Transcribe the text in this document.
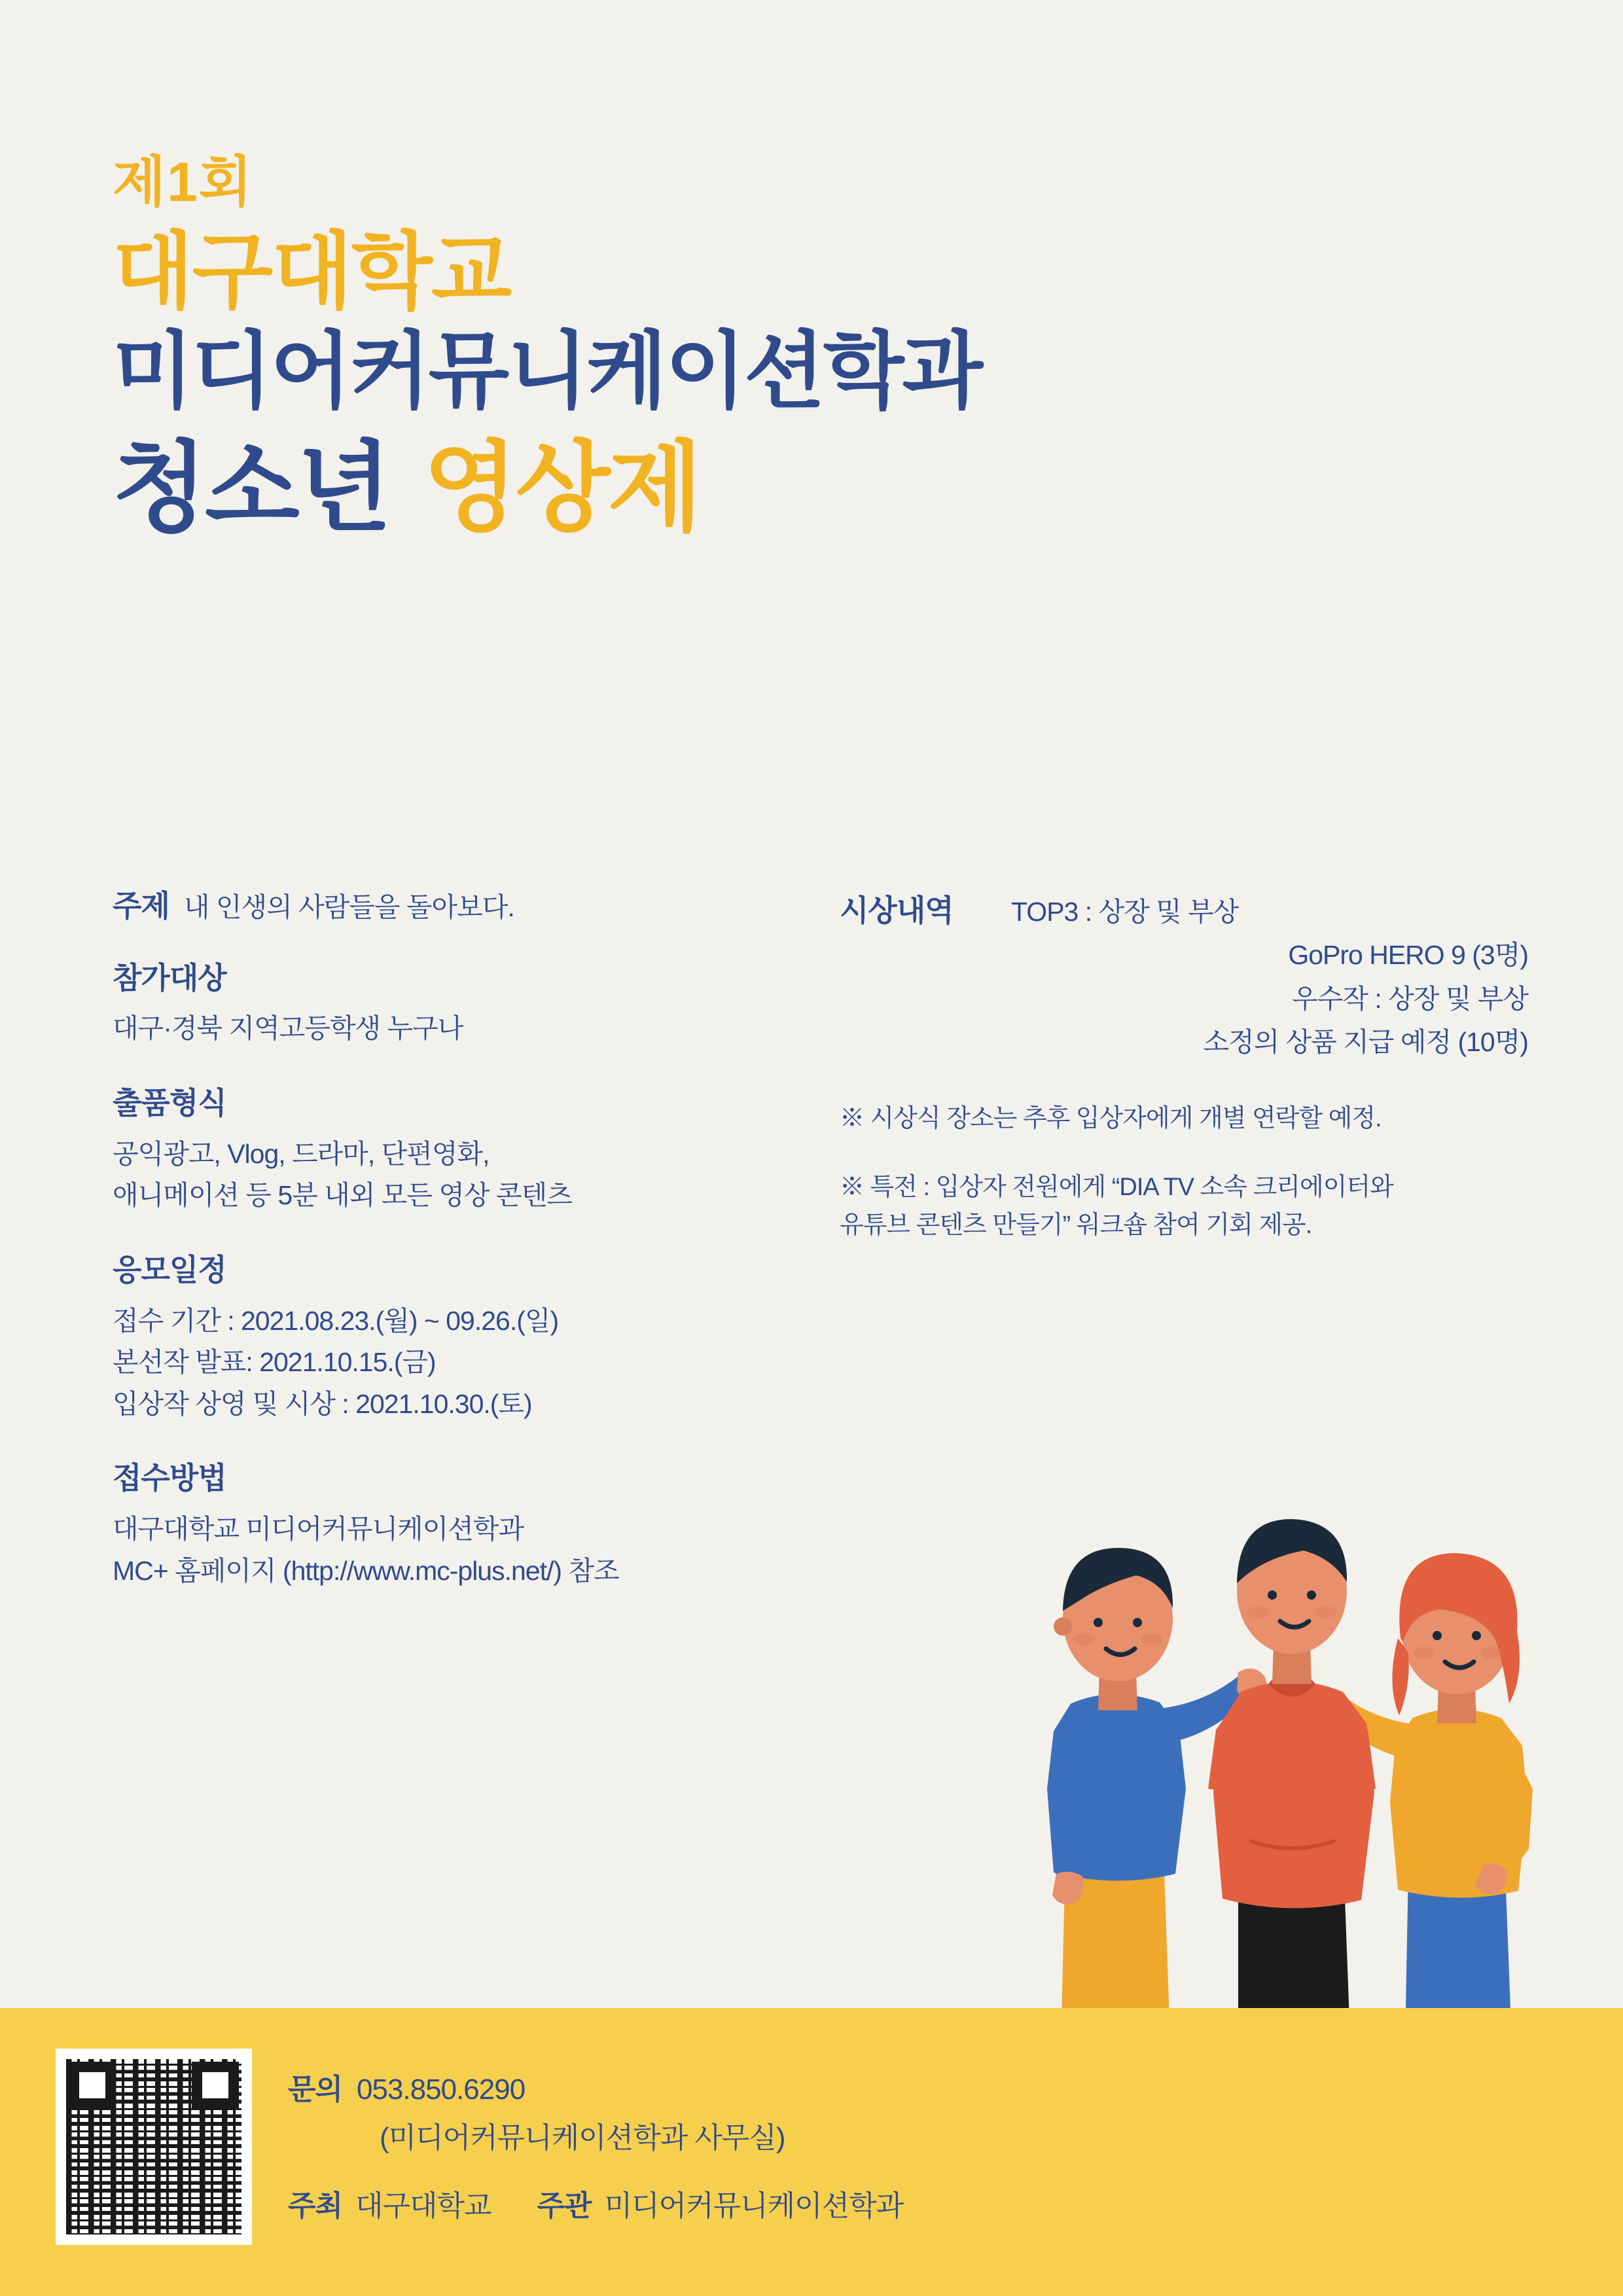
제1회
대구대학교
미디어커뮤니케이션학과
청소년 영상제
주제 내 인생의 사람들을 돌아보다.
참가대상
대구·경북 지역고등학생 누구나
출품형식
공익광고, Vlog, 드라마, 단편영화,
애니메이션 등 5분 내외 모든 영상 콘텐츠
응모일정
접수 기간 : 2021.08.23.(월) ~ 09.26.(일)
본선작 발표: 2021.10.15.(금)
입상작 상영 및 시상 : 2021.10.30.(토)
접수방법
대구대학교 미디어커뮤니케이션학과
MC+ 홈페이지 (http://www.mc-plus.net/) 참조
시상내역	TOP3 : 상장 및 부상
GoPro HERO 9 (3명)
우수작 : 상장 및 부상
소정의 상품 지급 예정 (10명)
※ 시상식 장소는 추후 입상자에게 개별 연락할 예정.
※ 특전 : 입상자 전원에게 “DIA TV 소속 크리에이터와
유튜브 콘텐츠 만들기” 워크숍 참여 기회 제공.
문의 053.850.6290
(미디어커뮤니케이션학과 사무실)
주최 대구대학교 주관 미디어커뮤니케이션학과
